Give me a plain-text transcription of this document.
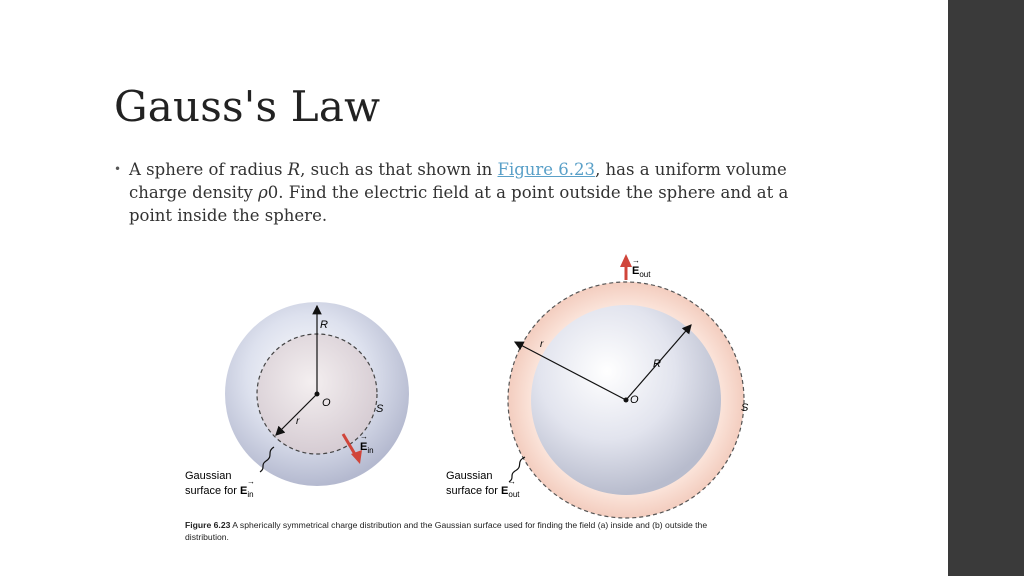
Gauss's Law
• A sphere of radius R, such as that shown in Figure 6.23, has a uniform volume charge density ρ0. Find the electric field at a point outside the sphere and at a point inside the sphere.
R
O	S
r
$E_{in}$
→
Gaussian
surface for $E_{in}$
→
R
O
S
r
$E_{out}$
→
Gaussian
surface for $E_{out}$
→
Figure 6.23 A spherically symmetrical charge distribution and the Gaussian surface used for finding the field (a) inside and (b) outside the distribution.
